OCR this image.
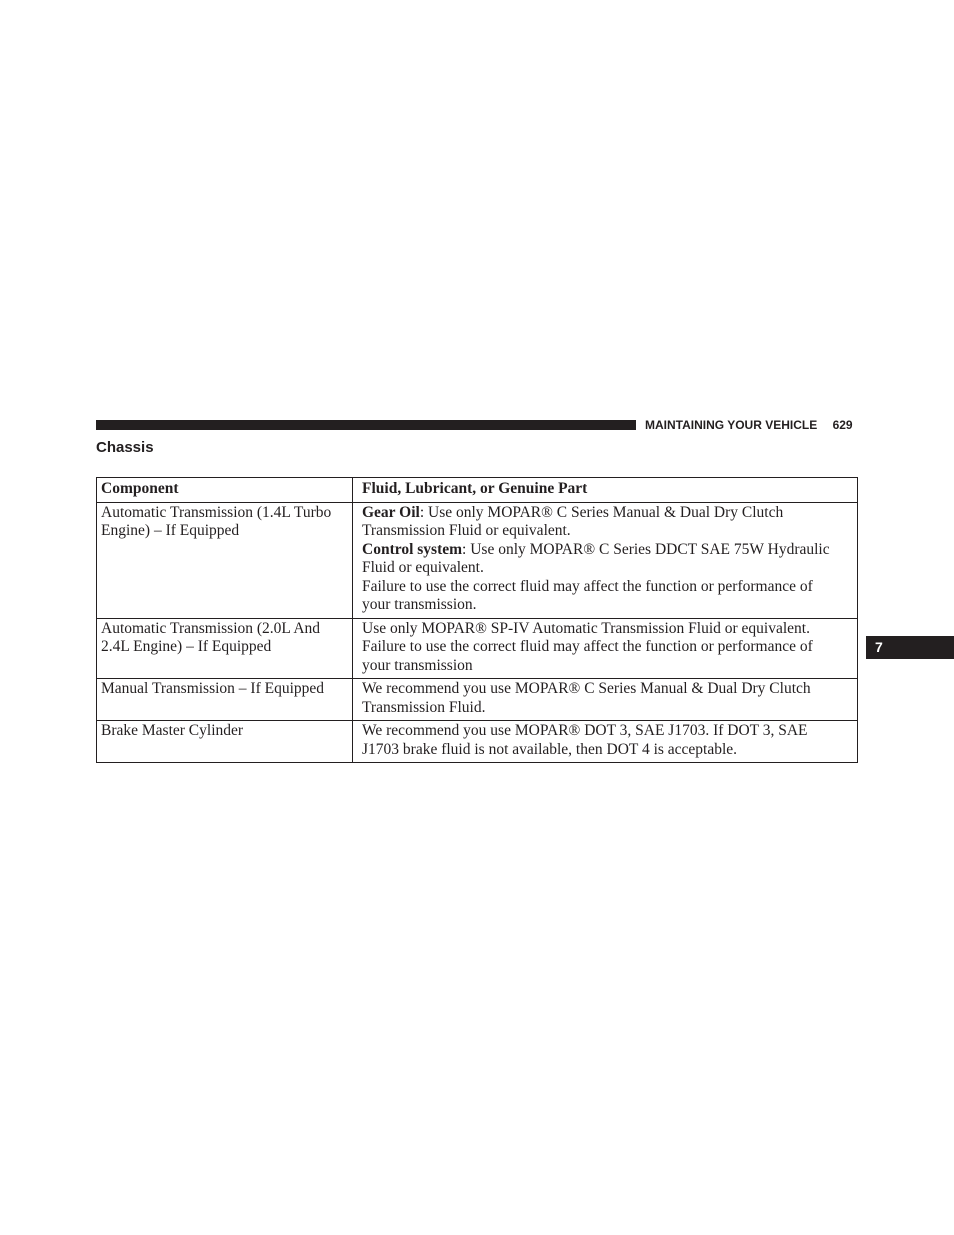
MAINTAINING YOUR VEHICLE 629
Chassis
7
Component	Fluid, Lubricant, or Genuine Part
Automatic Transmission (1.4L Turbo Engine) – If Equipped	Gear Oil: Use only MOPAR® C Series Manual & Dual Dry Clutch Transmission Fluid or equivalent.
Control system: Use only MOPAR® C Series DDCT SAE 75W Hydraulic Fluid or equivalent.
Failure to use the correct fluid may affect the function or performance of your transmission.

Automatic Transmission (2.0L And 2.4L Engine) – If Equipped	Use only MOPAR® SP-IV Automatic Transmission Fluid or equivalent.
Failure to use the correct fluid may affect the function or performance of your transmission

Manual Transmission – If Equipped	We recommend you use MOPAR® C Series Manual & Dual Dry Clutch Transmission Fluid.
Brake Master Cylinder	We recommend you use MOPAR® DOT 3, SAE J1703. If DOT 3, SAE J1703 brake fluid is not available, then DOT 4 is acceptable.
